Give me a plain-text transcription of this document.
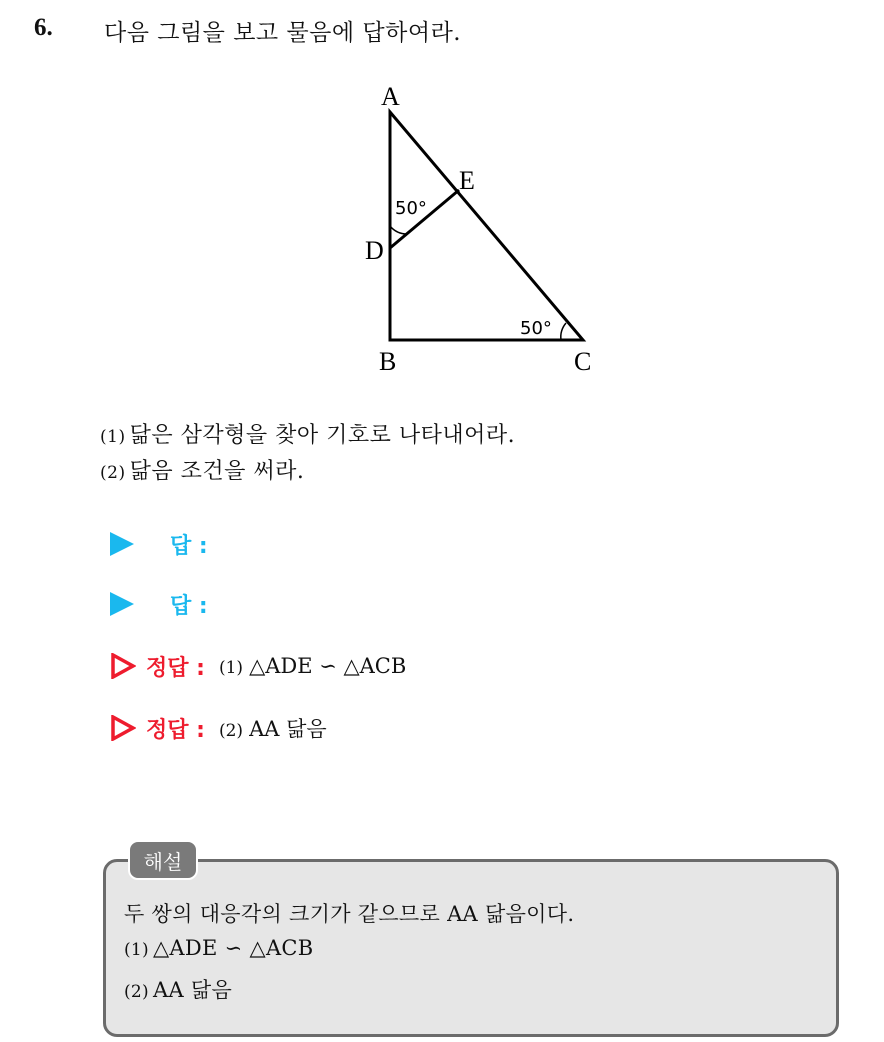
6. 다음 그림을 보고 물음에 답하여라.
A
E
D
B	C
50°
50°
(1) 닮은 삼각형을 찾아 기호로 나타내어라.
(2) 닮음 조건을 써라.
답 :
답 :
정답 : (1) △ADE ∽ △ACB
정답 : (2) AA 닮음
해설
두 쌍의 대응각의 크기가 같으므로 AA 닮음이다.
(1) △ADE ∽ △ACB
(2) AA 닮음
